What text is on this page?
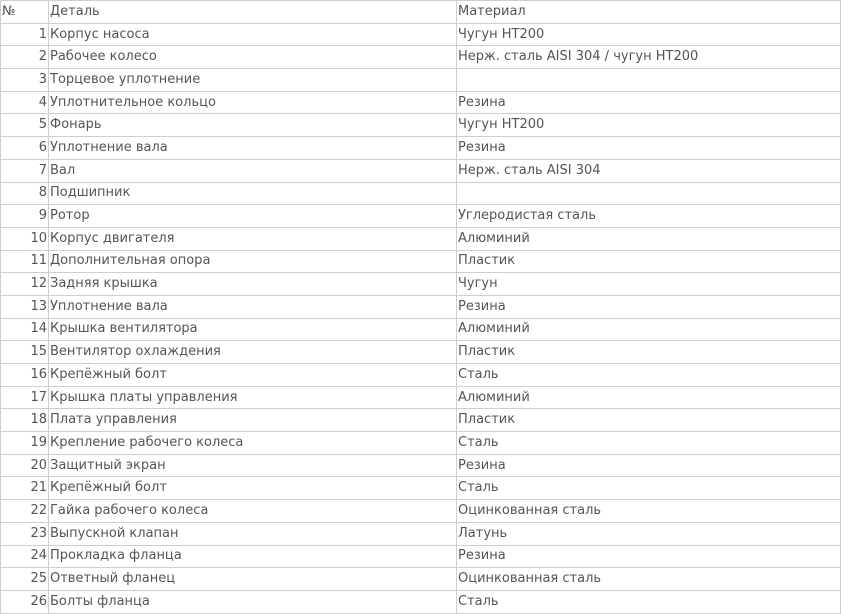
№	Деталь	Материал
1	Корпус насоса	Чугун HT200
2	Рабочее колесо	Нерж. сталь AISI 304 / чугун HT200
3	Торцевое уплотнение	
4	Уплотнительное кольцо	Резина
5	Фонарь	Чугун HT200
6	Уплотнение вала	Резина
7	Вал	Нерж. сталь AISI 304
8	Подшипник	
9	Ротор	Углеродистая сталь
10	Корпус двигателя	Алюминий
11	Дополнительная опора	Пластик
12	Задняя крышка	Чугун
13	Уплотнение вала	Резина
14	Крышка вентилятора	Алюминий
15	Вентилятор охлаждения	Пластик
16	Крепёжный болт	Сталь
17	Крышка платы управления	Алюминий
18	Плата управления	Пластик
19	Крепление рабочего колеса	Сталь
20	Защитный экран	Резина
21	Крепёжный болт	Сталь
22	Гайка рабочего колеса	Оцинкованная сталь
23	Выпускной клапан	Латунь
24	Прокладка фланца	Резина
25	Ответный фланец	Оцинкованная сталь
26	Болты фланца	Сталь
